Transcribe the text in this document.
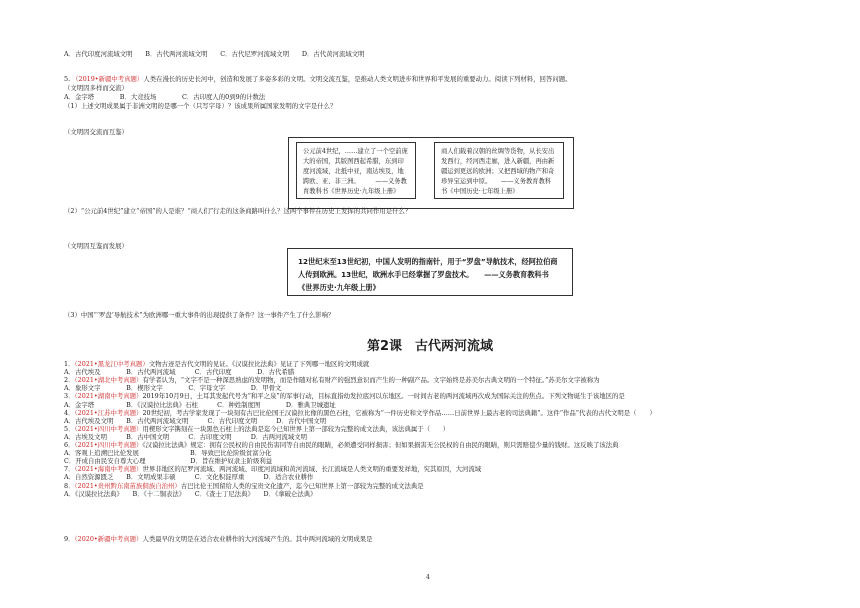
A．古代印度河流域文明　　B．古代两河流域文明　　C．古代尼罗河流域文明　　D．古代黄河流域文明
5. （2019•新疆中考真题）人类在漫长的历史长河中，创造和发展了多姿多彩的文明。文明交流互鉴，是推动人类文明进步和世界和平发展的重要动力。阅读下列材料，回答问题。
（文明因多样而交流）
A．金字塔　　　　B．大竞技场　　　　C．古印度人的0到9的计数法
（1）上述文明成果属于非洲文明的是哪一个（只写字母）？该成果所属国家发明的文字是什么？
（文明因交流而互鉴）
公元前4世纪，……建立了一个空前庞大的帝国，其版图西起希腊，东到印度河流域，北抵中亚，南达埃及，地跨欧、亚、非三洲。　　　——义务教育教科书《世界历史·九年级上册》
商人们载着汉朝的丝绸等货物，从长安出发西行，经河西走廊，进入新疆，再由新疆运到更远的欧洲；又把西域的物产和奇珍异宝运到中原。　　——义务教育教科书《中国历史·七年级上册》
（2）“公元前4世纪”建立“帝国”的人是谁？“商人们”行走的这条商路叫什么？这两个事件在历史上发挥的共同作用是什么？
（文明因互鉴而发展）
12世纪末至13世纪初，中国人发明的指南针，用于“罗盘”导航技术，经阿拉伯商人传到欧洲。13世纪，欧洲水手已经掌握了罗盘技术。　　——义务教育教科书《世界历史·九年级上册》
（3）中国“‘罗盘’导航技术”为欧洲哪一重大事件的出现提供了条件？这一事件产生了什么影响？
第2课　古代两河流域
1．（2021•黑龙江中考真题）文物古迹是古代文明的见证。《汉谟拉比法典》见证了下列哪一地区的文明成就
A．古代埃及　　　　B．古代两河流域　　　C．古代印度　　　　D．古代希腊
2．（2021•湖北中考真题）有学者认为，“文字不是一种深思熟虑的发明物，而是作随对私有财产的强烈意识而产生的一种副产品。文字始终是苏美尔古典文明的一个特征。”苏美尔文字被称为
A．象形文字　　　　B．楔形文字　　　　C．字母文字　　　　D．甲骨文
3．（2021•湖南中考真题）2019年10月9日，土耳其发起代号为“和平之泉”的军事行动，目标直指幼发拉底河以东地区。一时间古老的两河流域再次成为国际关注的焦点。下列文物诞生于该地区的是
A．金字塔　　　　　B．《汉谟拉比法典》石柱　　　C．种姓制度图　　　　D．雅典卫城遗址
4．（2021•江苏中考真题）20世纪初，考古学家发现了一块刻有古巴比伦国王汉谟拉比像的黑色石柱，它被称为“一件历史和文学作品……日前世界上最古老的司法典籍”。这件“作品”代表的古代文明是（　　）
A．古代埃及文明　　B．古代两河流域文明　　　C．古代印度文明　　　D．古代中国文明
5．（2021•四川中考真题）用楔形文字镌刻在一块黑色石柱上的法典是迄今已知世界上第一部较为完整的成文法典，该法典属于（　　）
A．古埃及文明　　　B．古中国文明　　　C．古印度文明　　　D．古两河流域文明
6．（2021•四川中考真题）《汉谟拉比法典》规定：拥有公民权的自由民伤害同等自由民的眼睛，必须遭受同样损害；但如果损害无公民权的自由民的眼睛，则只需赔偿少量的钱财。这反映了该法典
A．客观上追溯巴比伦发展　　　　　　　　B．导致巴比伦阶级贫富分化
C．开成自由民安自尊大心理　　　　　　　D．旨在维护奴隶主阶级利益
7．（2021•海南中考真题）世界非地区的尼罗河流域、两河流域、印度河流域和黄河流域、长江流域是人类文明的重要发祥地，究其原因，大河流域
A．自然资源匮乏　　B．文明成果丰硕　　　C．文化积淀厚重　　　D．适合农业耕作
8．（2021•贵州黔东南苗族侗族自治州）古巴比伦王国留给人类的宝贵文化遗产，迄今已知世界上第一部较为完整的成文法典是
A．《汉谟拉比法典》　　B．《十二铜表法》　　C．《查士丁尼法典》　　D．《拿破仑法典》
9．（2020•新疆中考真题）人类最早的文明是在适合农业耕作的大河流域产生的。其中两河流域的文明成果是
4
